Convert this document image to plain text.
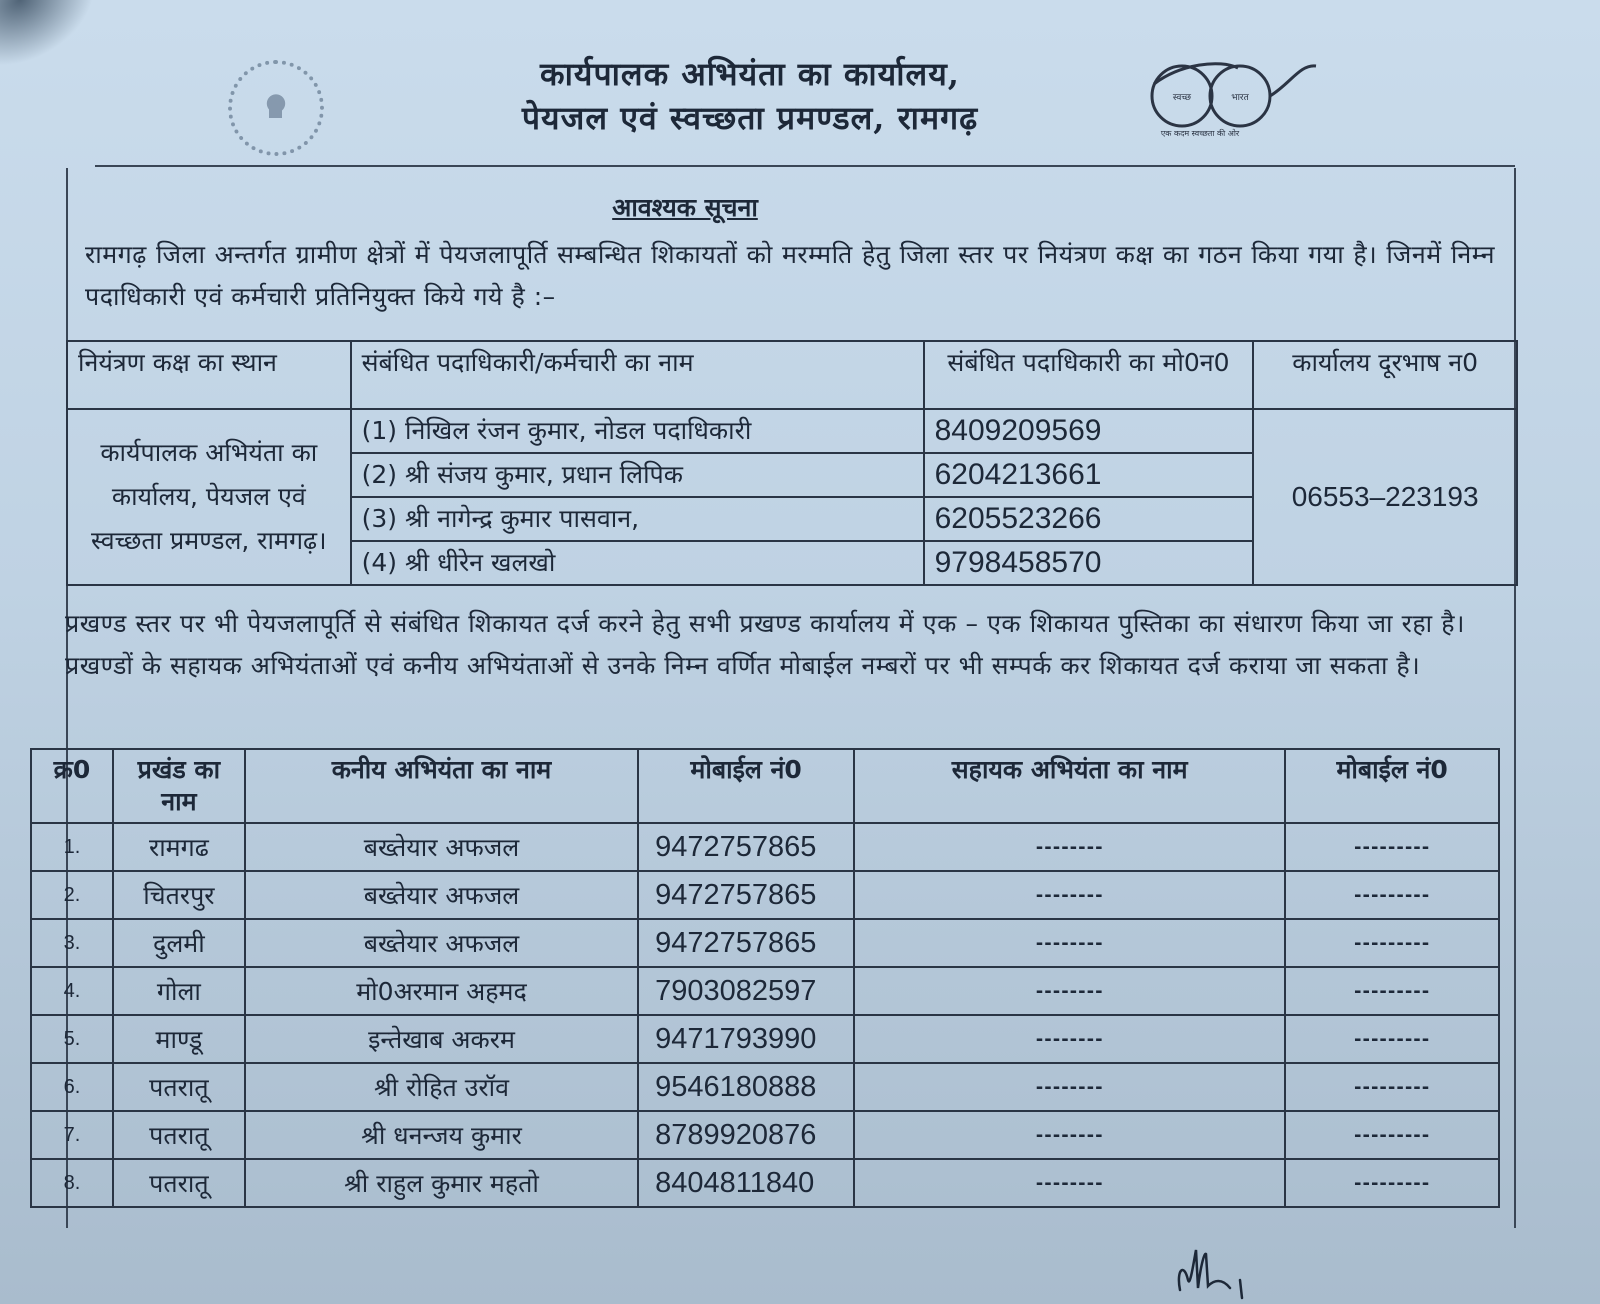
कार्यपालक अभियंता का कार्यालय,
पेयजल एवं स्वच्छता प्रमण्डल, रामगढ़
स्वच्छ	भारत
एक कदम स्वच्छता की ओर
आवश्यक सूचना
रामगढ़ जिला अन्तर्गत ग्रामीण क्षेत्रों में पेयजलापूर्ति सम्बन्धित शिकायतों को मरम्मति हेतु जिला स्तर पर नियंत्रण कक्ष का गठन किया गया है। जिनमें निम्न पदाधिकारी एवं कर्मचारी प्रतिनियुक्त किये गये है :–
नियंत्रण कक्ष का स्थान	संबंधित पदाधिकारी/कर्मचारी का नाम	संबंधित पदाधिकारी का मो0न0	कार्यालय दूरभाष न0
कार्यपालक अभियंता का कार्यालय, पेयजल एवं स्वच्छता प्रमण्डल, रामगढ़।	(1) निखिल रंजन कुमार, नोडल पदाधिकारी	8409209569	06553–223193
	(2) श्री संजय कुमार, प्रधान लिपिक	6204213661	
	(3) श्री नागेन्द्र कुमार पासवान,	6205523266	
	(4) श्री धीरेन खलखो	9798458570	
प्रखण्ड स्तर पर भी पेयजलापूर्ति से संबंधित शिकायत दर्ज करने हेतु सभी प्रखण्ड कार्यालय में एक – एक शिकायत पुस्तिका का संधारण किया जा रहा है। प्रखण्डों के सहायक अभियंताओं एवं कनीय अभियंताओं से उनके निम्न वर्णित मोबाईल नम्बरों पर भी सम्पर्क कर शिकायत दर्ज कराया जा सकता है।
क्र0	प्रखंड का नाम	कनीय अभियंता का नाम	मोबाईल नं0	सहायक अभियंता का नाम	मोबाईल नं0
1.	रामगढ	बख्तेयार अफजल	9472757865	--------	---------
2.	चितरपुर	बख्तेयार अफजल	9472757865	--------	---------
3.	दुलमी	बख्तेयार अफजल	9472757865	--------	---------
4.	गोला	मो0अरमान अहमद	7903082597	--------	---------
5.	माण्डू	इन्तेखाब अकरम	9471793990	--------	---------
6.	पतरातू	श्री रोहित उरॉव	9546180888	--------	---------
7.	पतरातू	श्री धनन्जय कुमार	8789920876	--------	---------
8.	पतरातू	श्री राहुल कुमार महतो	8404811840	--------	---------
